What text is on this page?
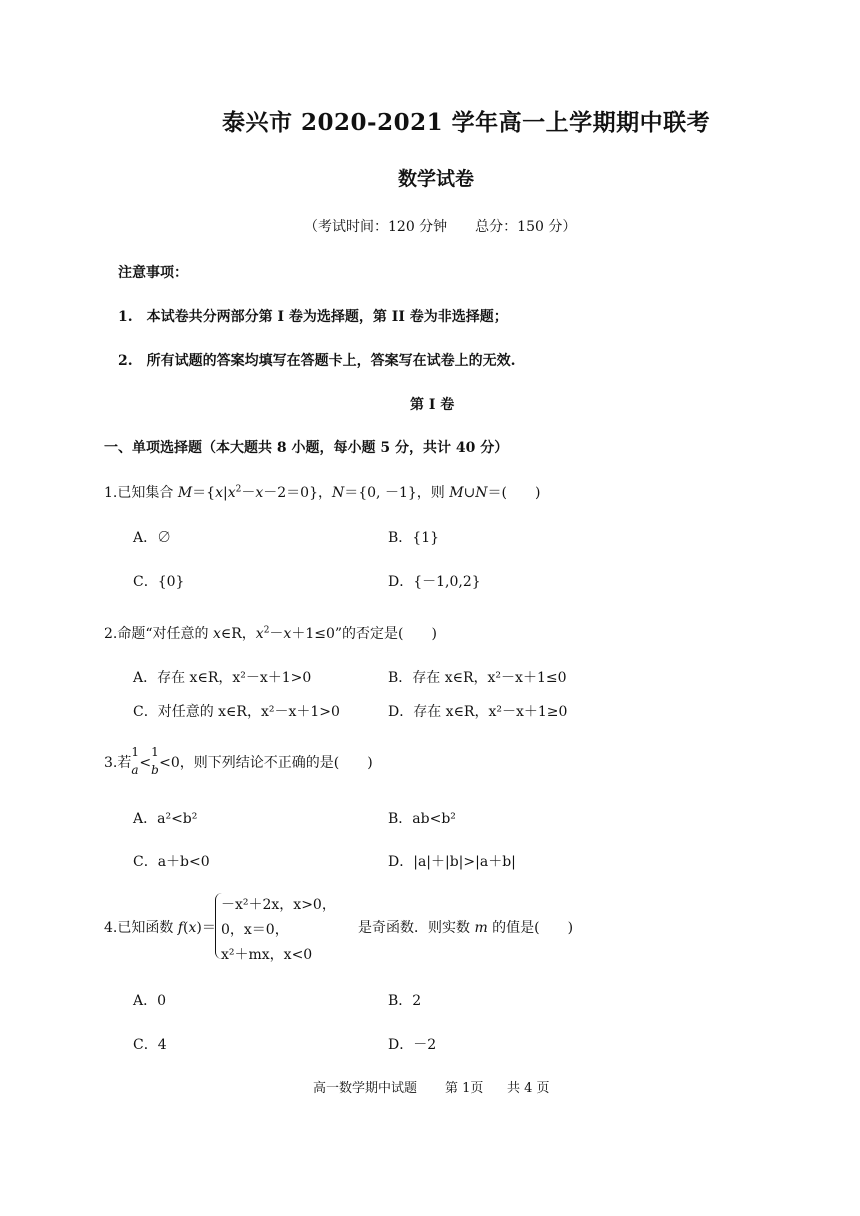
泰兴市 2020-2021 学年高一上学期期中联考
数学试卷
（考试时间：120 分钟　　总分：150 分）
注意事项：
1.　本试卷共分两部分第 I 卷为选择题，第 II 卷为非选择题；
2.　所有试题的答案均填写在答题卡上，答案写在试卷上的无效.
第 I 卷
一、单项选择题（本大题共 8 小题，每小题 5 分，共计 40 分）
1.已知集合 $M=\{x|x^2-x-2=0\}$，N＝{0, －1}，则 M∪N＝(　　)
A．∅	B．{1}
C．{0}	D．{－1,0,2}
2.命题“对任意的 x∈R，$x^2-x+1\le 0$”的否定是(　　)
A．存在 x∈R，x²－x＋1>0	B．存在 x∈R，x²－x＋1≤0
C．对任意的 x∈R，x²－x＋1>0	D．存在 x∈R，x²－x＋1≥0
3.若
1
a <
1
b <0，则下列结论不正确的是(　　)
A．a²<b²	B．ab<b²
C．a＋b<0	D．|a|＋|b|>|a＋b|
4.已知函数 f(x)＝
－x²＋2x，x>0，
0，x＝0，
x²＋mx，x<0
是奇函数．则实数 m 的值是(　　)
A．0	B．2
C．4	D．－2
高一数学期中试题 第 1页 共 4 页
